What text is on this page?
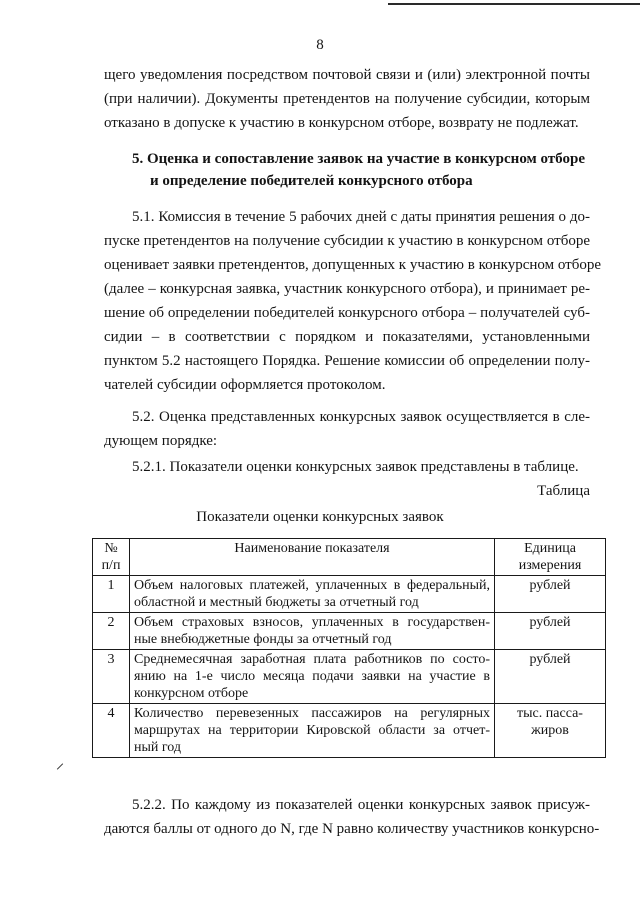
8
щего уведомления посредством почтовой связи и (или) электронной почты
(при наличии). Документы претендентов на получение субсидии, которым
отказано в допуске к участию в конкурсном отборе, возврату не подлежат.
5. Оценка и сопоставление заявок на участие в конкурсном отборе
и определение победителей конкурсного отбора
5.1. Комиссия в течение 5 рабочих дней с даты принятия решения о до-
пуске претендентов на получение субсидии к участию в конкурсном отборе
оценивает заявки претендентов, допущенных к участию в конкурсном отборе
(далее – конкурсная заявка, участник конкурсного отбора), и принимает ре-
шение об определении победителей конкурсного отбора – получателей суб-
сидии – в соответствии с порядком и показателями, установленными
пунктом 5.2 настоящего Порядка. Решение комиссии об определении полу-
чателей субсидии оформляется протоколом.
5.2. Оценка представленных конкурсных заявок осуществляется в сле-
дующем порядке:
5.2.1. Показатели оценки конкурсных заявок представлены в таблице.
Таблица
Показатели оценки конкурсных заявок
№
п/п	Наименование показателя	Единица
измерения

1	Объем налоговых платежей, уплаченных в федеральный,
областной и местный бюджеты за отчетный год	рублей

2	Объем страховых взносов, уплаченных в государствен-
ные внебюджетные фонды за отчетный год	рублей

3	Среднемесячная заработная плата работников по состо-
янию на 1-е число месяца подачи заявки на участие в
конкурсном отборе	рублей

4	Количество перевезенных пассажиров на регулярных
маршрутах на территории Кировской области за отчет-
ный год	тыс. пасса-
жиров
5.2.2. По каждому из показателей оценки конкурсных заявок присуж-
даются баллы от одного до N, где N равно количеству участников конкурсно-
